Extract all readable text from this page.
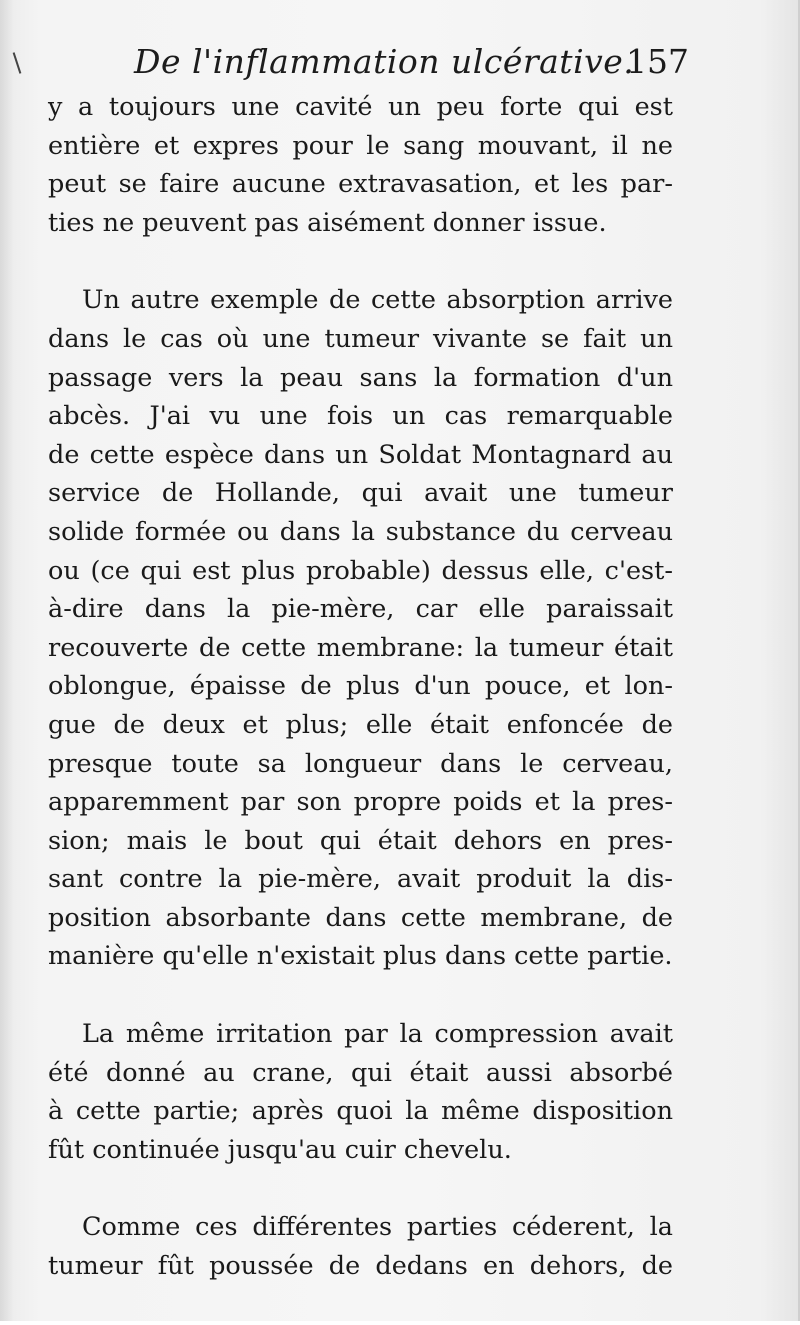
De l'inflammation ulcérative.
157
y a toujours une cavité un peu forte qui est
entière et expres pour le sang mouvant, il ne
peut se faire aucune extravasation, et les par-
ties ne peuvent pas aisément donner issue.
Un autre exemple de cette absorption arrive
dans le cas où une tumeur vivante se fait un
passage vers la peau sans la formation d'un
abcès. J'ai vu une fois un cas remarquable
de cette espèce dans un Soldat Montagnard au
service de Hollande, qui avait une tumeur
solide formée ou dans la substance du cerveau
ou (ce qui est plus probable) dessus elle, c'est-
à-dire dans la pie-mère, car elle paraissait
recouverte de cette membrane: la tumeur était
oblongue, épaisse de plus d'un pouce, et lon-
gue de deux et plus; elle était enfoncée de
presque toute sa longueur dans le cerveau,
apparemment par son propre poids et la pres-
sion; mais le bout qui était dehors en pres-
sant contre la pie-mère, avait produit la dis-
position absorbante dans cette membrane, de
manière qu'elle n'existait plus dans cette partie.
La même irritation par la compression avait
été donné au crane, qui était aussi absorbé
à cette partie; après quoi la même disposition
fût continuée jusqu'au cuir chevelu.
Comme ces différentes parties céderent, la
tumeur fût poussée de dedans en dehors, de
